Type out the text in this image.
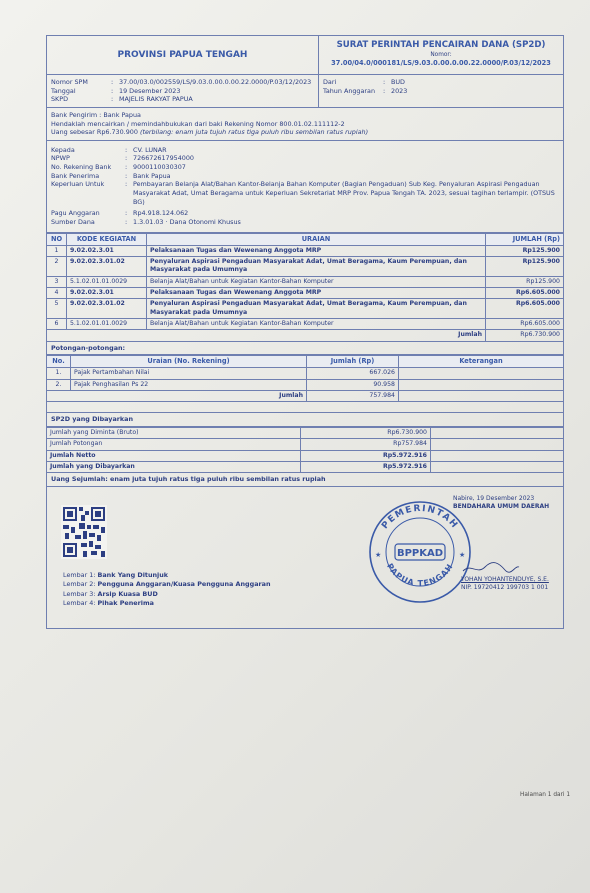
PROVINSI PAPUA TENGAH
SURAT PERINTAH PENCAIRAN DANA (SP2D)
Nomor:
37.00/04.0/000181/LS/9.03.0.00.0.00.22.0000/P.03/12/2023
Nomor SPM	: 37.00/03.0/002559/LS/9.03.0.00.0.00.22.0000/P.03/12/2023
Tanggal	: 19 Desember 2023
SKPD	: MAJELIS RAKYAT PAPUA
Dari	: BUD
Tahun Anggaran	: 2023
Bank Pengirim : Bank Papua
Hendaklah mencairkan / memindahbukukan dari baki Rekening Nomor 800.01.02.111112-2
Uang sebesar Rp6.730.900 (terbilang: enam juta tujuh ratus tiga puluh ribu sembilan ratus rupiah)
Kepada	: CV. LUNAR
NPWP	: 726672617954000
No. Rekening Bank	: 9000110030307
Bank Penerima	: Bank Papua
Keperluan Untuk	: Pembayaran Belanja Alat/Bahan Kantor-Belanja Bahan Komputer (Bagian Pengaduan) Sub Keg. Penyaluran Aspirasi Pengaduan Masyarakat Adat, Umat Beragama untuk Keperluan Sekretariat MRP Prov. Papua Tengah TA. 2023, sesuai tagihan terlampir. (OTSUS BG)
Pagu Anggaran	: Rp4.918.124.062
Sumber Dana	: 1.3.01.03 · Dana Otonomi Khusus
NO	KODE KEGIATAN	URAIAN	JUMLAH (Rp)
1	9.02.02.3.01	Pelaksanaan Tugas dan Wewenang Anggota MRP	Rp125.900
2	9.02.02.3.01.02	Penyaluran Aspirasi Pengaduan Masyarakat Adat, Umat Beragama, Kaum Perempuan, dan Masyarakat pada Umumnya	Rp125.900
3	5.1.02.01.01.0029	Belanja Alat/Bahan untuk Kegiatan Kantor-Bahan Komputer	Rp125.900
4	9.02.02.3.01	Pelaksanaan Tugas dan Wewenang Anggota MRP	Rp6.605.000
5	9.02.02.3.01.02	Penyaluran Aspirasi Pengaduan Masyarakat Adat, Umat Beragama, Kaum Perempuan, dan Masyarakat pada Umumnya	Rp6.605.000
6	5.1.02.01.01.0029	Belanja Alat/Bahan untuk Kegiatan Kantor-Bahan Komputer	Rp6.605.000
Jumlah			Rp6.730.900
Potongan-potongan:
No.	Uraian (No. Rekening)	Jumlah (Rp)	Keterangan
1.	Pajak Pertambahan Nilai	667.026	
2.	Pajak Penghasilan Ps 22	90.958	
Jumlah		757.984	
SP2D yang Dibayarkan
Jumlah yang Diminta (Bruto)	Rp6.730.900	
Jumlah Potongan	Rp757.984	
Jumlah Netto	Rp5.972.916	
Jumlah yang Dibayarkan	Rp5.972.916	
Uang Sejumlah: enam juta tujuh ratus tiga puluh ribu sembilan ratus rupiah
Lembar 1: Bank Yang Ditunjuk
Lembar 2: Pengguna Anggaran/Kuasa Pengguna Anggaran
Lembar 3: Arsip Kuasa BUD
Lembar 4: Pihak Penerima
PEMERINTAH
PAPUA TENGAH
BPPKAD
★	★
Nabire, 19 Desember 2023
BENDAHARA UMUM DAERAH
YOHAN YOHANTENDUYE, S.E.
NIP. 19720412 199703 1 001
Halaman 1 dari 1
